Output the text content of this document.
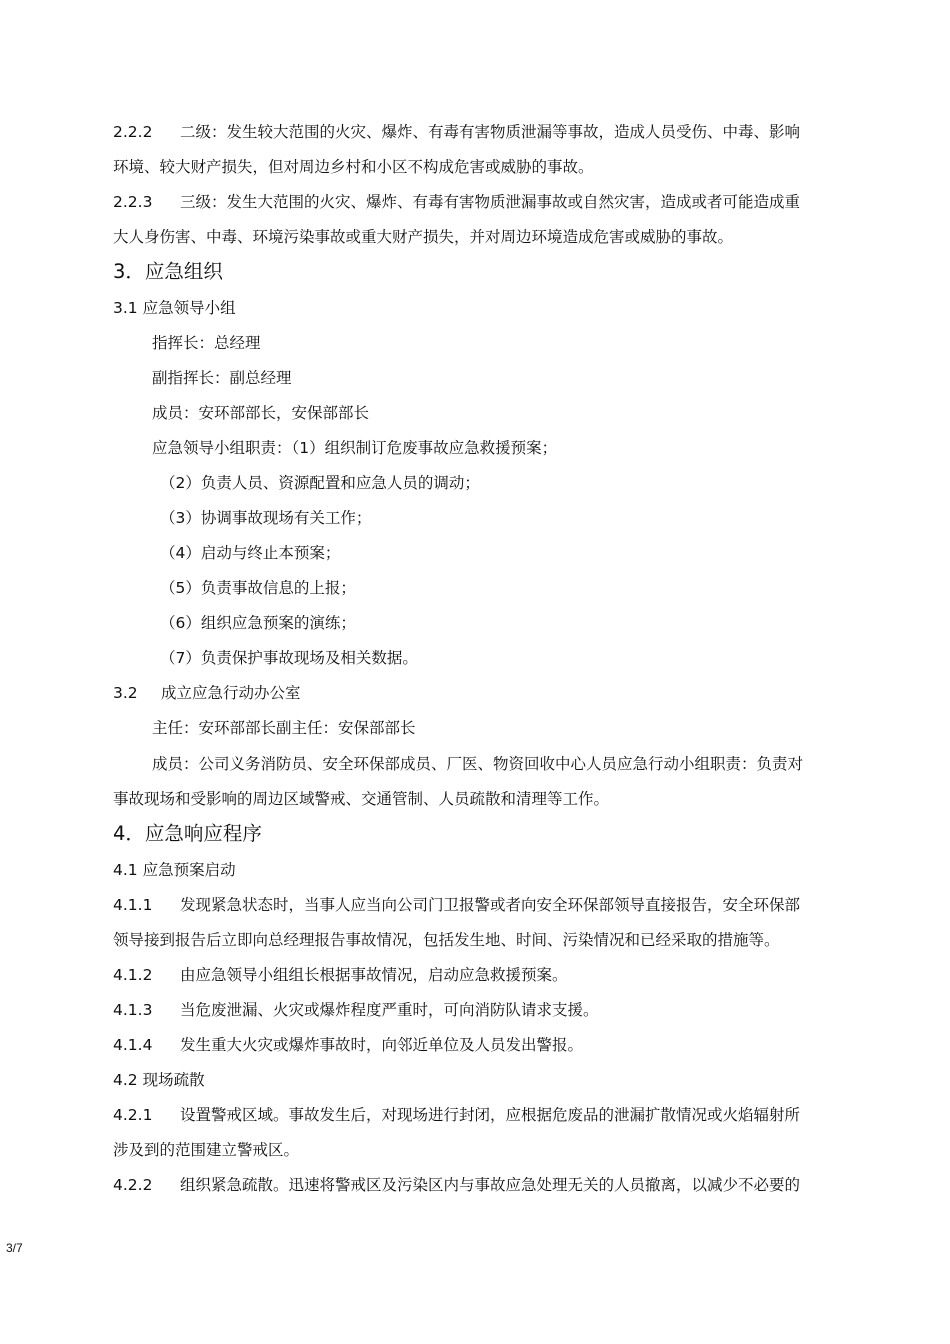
2.2.2 二级：发生较大范围的火灾、爆炸、有毒有害物质泄漏等事故，造成人员受伤、中毒、影响
环境、较大财产损失，但对周边乡村和小区不构成危害或威胁的事故。
2.2.3 三级：发生大范围的火灾、爆炸、有毒有害物质泄漏事故或自然灾害，造成或者可能造成重
大人身伤害、中毒、环境污染事故或重大财产损失，并对周边环境造成危害或威胁的事故。
3．应急组织
3.1 应急领导小组
指挥长：总经理
副指挥长：副总经理
成员：安环部部长，安保部部长
应急领导小组职责：（1）组织制订危废事故应急救援预案；
（2）负责人员、资源配置和应急人员的调动；
（3）协调事故现场有关工作；
（4）启动与终止本预案；
（5）负责事故信息的上报；
（6）组织应急预案的演练；
（7）负责保护事故现场及相关数据。
3.2 成立应急行动办公室
主任：安环部部长副主任：安保部部长
成员：公司义务消防员、安全环保部成员、厂医、物资回收中心人员应急行动小组职责：负责对
事故现场和受影响的周边区域警戒、交通管制、人员疏散和清理等工作。
4．应急响应程序
4.1 应急预案启动
4.1.1 发现紧急状态时，当事人应当向公司门卫报警或者向安全环保部领导直接报告，安全环保部
领导接到报告后立即向总经理报告事故情况，包括发生地、时间、污染情况和已经采取的措施等。
4.1.2 由应急领导小组组长根据事故情况，启动应急救援预案。
4.1.3 当危废泄漏、火灾或爆炸程度严重时，可向消防队请求支援。
4.1.4 发生重大火灾或爆炸事故时，向邻近单位及人员发出警报。
4.2 现场疏散
4.2.1 设置警戒区域。事故发生后，对现场进行封闭，应根据危废品的泄漏扩散情况或火焰辐射所
涉及到的范围建立警戒区。
4.2.2 组织紧急疏散。迅速将警戒区及污染区内与事故应急处理无关的人员撤离，以减少不必要的
3/7
